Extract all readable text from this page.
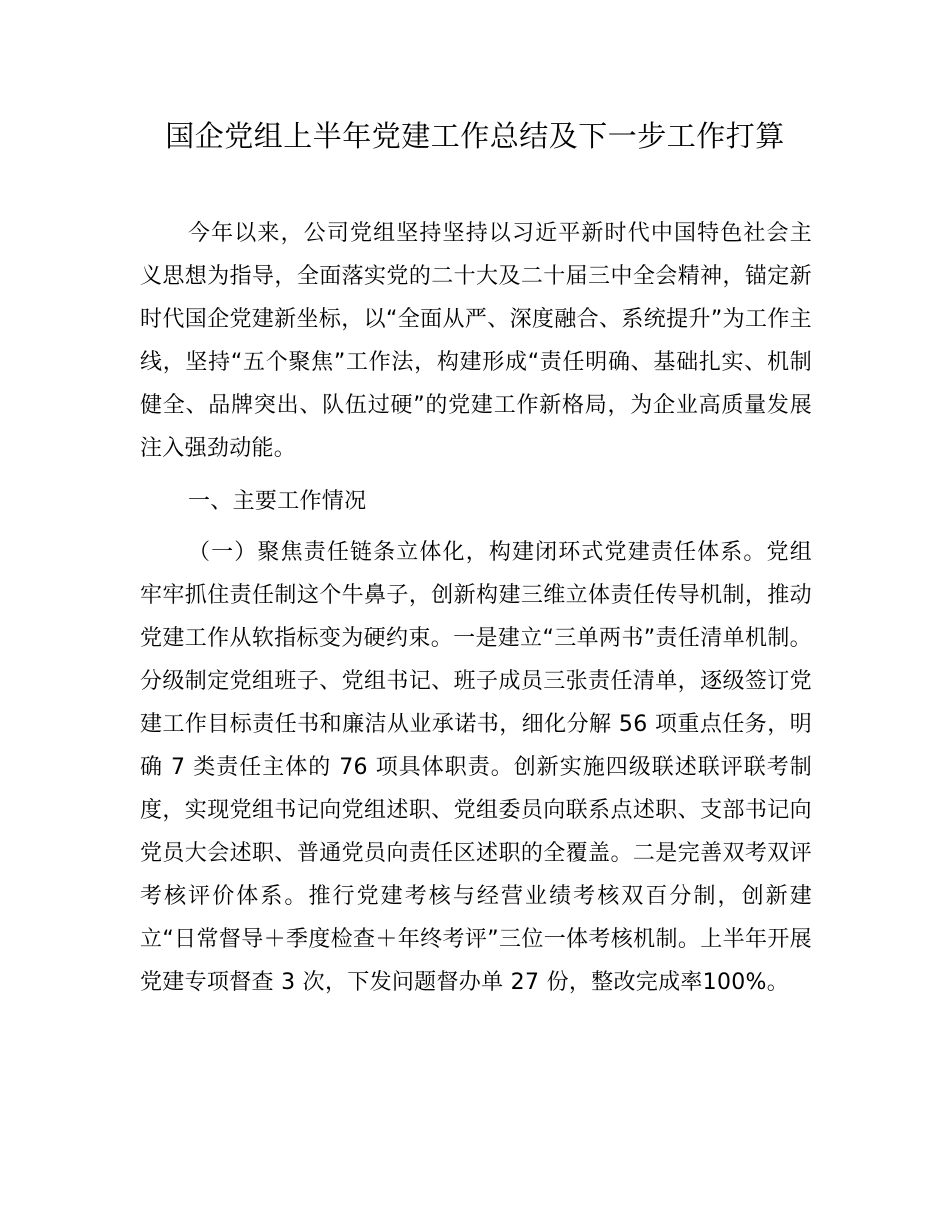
国企党组上半年党建工作总结及下一步工作打算

今年以来，公司党组坚持坚持以习近平新时代中国特色社会主义思想为指导，全面落实党的二十大及二十届三中全会精神，锚定新时代国企党建新坐标，以“全面从严、深度融合、系统提升”为工作主线，坚持“五个聚焦”工作法，构建形成“责任明确、基础扎实、机制健全、品牌突出、队伍过硬”的党建工作新格局，为企业高质量发展注入强劲动能。

一、主要工作情况

（一）聚焦责任链条立体化，构建闭环式党建责任体系。党组牢牢抓住责任制这个牛鼻子，创新构建三维立体责任传导机制，推动党建工作从软指标变为硬约束。一是建立“三单两书”责任清单机制。分级制定党组班子、党组书记、班子成员三张责任清单，逐级签订党建工作目标责任书和廉洁从业承诺书，细化分解 56 项重点任务，明确 7 类责任主体的 76 项具体职责。创新实施四级联述联评联考制度，实现党组书记向党组述职、党组委员向联系点述职、支部书记向党员大会述职、普通党员向责任区述职的全覆盖。二是完善双考双评考核评价体系。推行党建考核与经营业绩考核双百分制，创新建立“日常督导＋季度检查＋年终考评”三位一体考核机制。上半年开展党建专项督查 3 次，下发问题督办单 27 份，整改完成率100%。
